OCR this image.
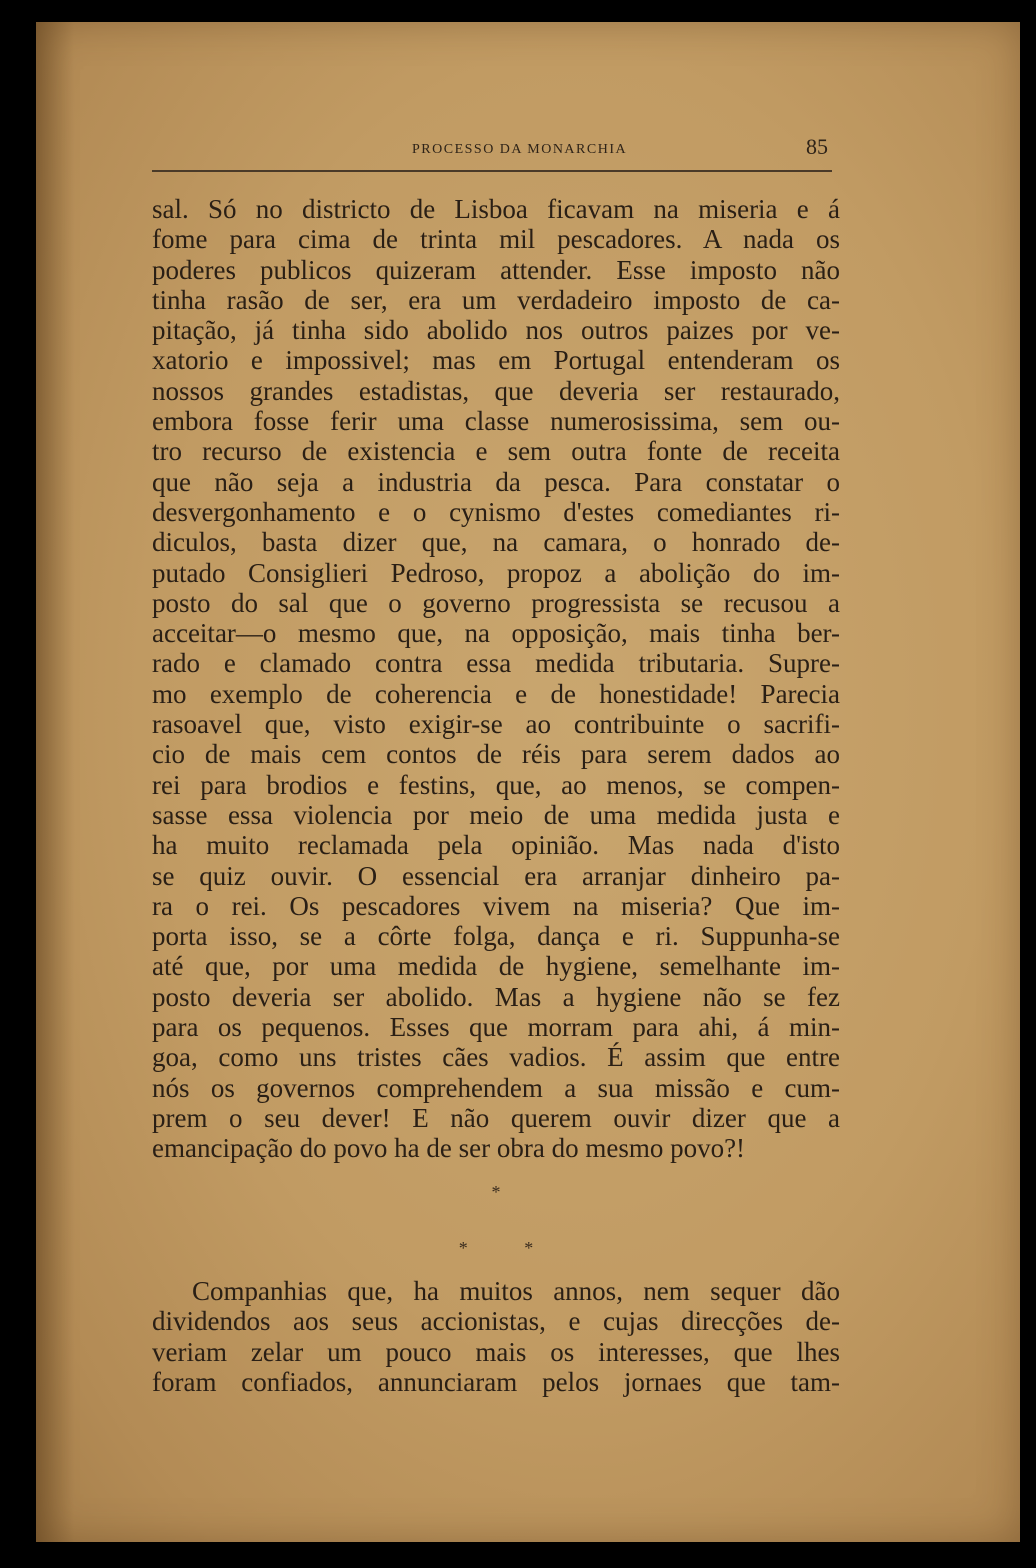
PROCESSO DA MONARCHIA	85
sal. Só no districto de Lisboa ficavam na miseria e á
fome para cima de trinta mil pescadores. A nada os
poderes publicos quizeram attender. Esse imposto não
tinha rasão de ser, era um verdadeiro imposto de ca-
pitação, já tinha sido abolido nos outros paizes por ve-
xatorio e impossivel; mas em Portugal entenderam os
nossos grandes estadistas, que deveria ser restaurado,
embora fosse ferir uma classe numerosissima, sem ou-
tro recurso de existencia e sem outra fonte de receita
que não seja a industria da pesca. Para constatar o
desvergonhamento e o cynismo d'estes comediantes ri-
diculos, basta dizer que, na camara, o honrado de-
putado Consiglieri Pedroso, propoz a abolição do im-
posto do sal que o governo progressista se recusou a
acceitar—o mesmo que, na opposição, mais tinha ber-
rado e clamado contra essa medida tributaria. Supre-
mo exemplo de coherencia e de honestidade! Parecia
rasoavel que, visto exigir-se ao contribuinte o sacrifi-
cio de mais cem contos de réis para serem dados ao
rei para brodios e festins, que, ao menos, se compen-
sasse essa violencia por meio de uma medida justa e
ha muito reclamada pela opinião. Mas nada d'isto
se quiz ouvir. O essencial era arranjar dinheiro pa-
ra o rei. Os pescadores vivem na miseria? Que im-
porta isso, se a côrte folga, dança e ri. Suppunha-se
até que, por uma medida de hygiene, semelhante im-
posto deveria ser abolido. Mas a hygiene não se fez
para os pequenos. Esses que morram para ahi, á min-
goa, como uns tristes cães vadios. É assim que entre
nós os governos comprehendem a sua missão e cum-
prem o seu dever! E não querem ouvir dizer que a
emancipação do povo ha de ser obra do mesmo povo?!
*
* *
Companhias que, ha muitos annos, nem sequer dão
dividendos aos seus accionistas, e cujas direcções de-
veriam zelar um pouco mais os interesses, que lhes
foram confiados, annunciaram pelos jornaes que tam-
